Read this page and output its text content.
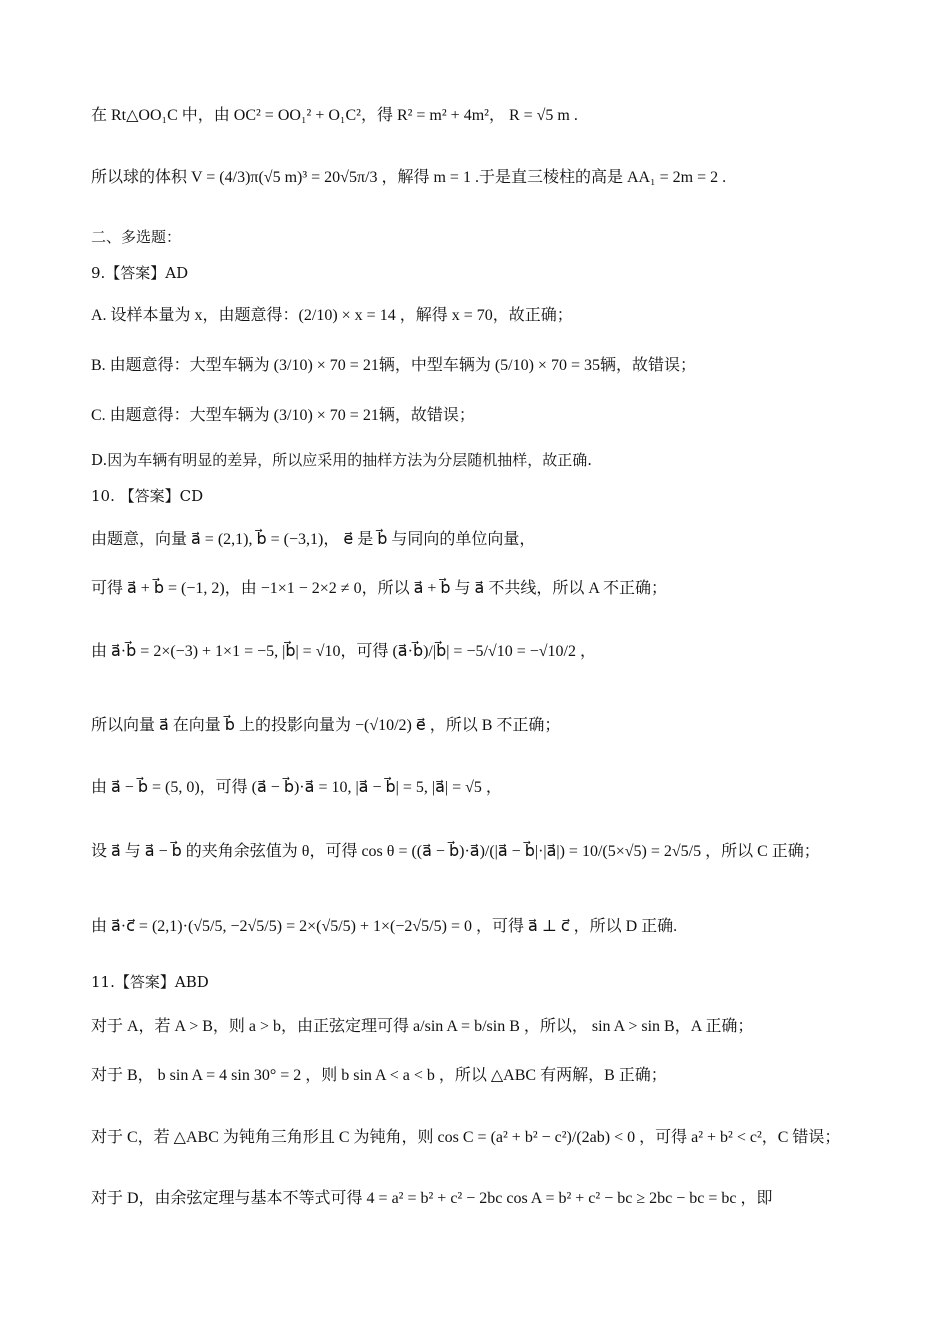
在 Rt△OO₁C 中，由 OC² = OO₁² + O₁C²，得 R² = m² + 4m²， R = √5 m .
所以球的体积 V = (4/3)π(√5 m)³ = 20√5π/3 ，解得 m = 1 .于是直三棱柱的高是 AA₁ = 2m = 2 .
二、多选题：
9.【答案】AD
A. 设样本量为 x，由题意得：(2/10) × x = 14 ，解得 x = 70，故正确；
B. 由题意得：大型车辆为 (3/10) × 70 = 21辆，中型车辆为 (5/10) × 70 = 35辆，故错误；
C. 由题意得：大型车辆为 (3/10) × 70 = 21辆，故错误；
D.因为车辆有明显的差异，所以应采用的抽样方法为分层随机抽样，故正确.
10. 【答案】CD
由题意，向量 a⃗ = (2,1), b⃗ = (−3,1)， e⃗ 是 b⃗ 与同向的单位向量，
可得 a⃗ + b⃗ = (−1, 2)，由 −1×1 − 2×2 ≠ 0，所以 a⃗ + b⃗ 与 a⃗ 不共线，所以 A 不正确；
由 a⃗·b⃗ = 2×(−3) + 1×1 = −5, |b⃗| = √10，可得 (a⃗·b⃗)/|b⃗| = −5/√10 = −√10/2 ，
所以向量 a⃗ 在向量 b⃗ 上的投影向量为 −(√10/2) e⃗ ，所以 B 不正确；
由 a⃗ − b⃗ = (5, 0)，可得 (a⃗ − b⃗)·a⃗ = 10, |a⃗ − b⃗| = 5, |a⃗| = √5 ，
设 a⃗ 与 a⃗ − b⃗ 的夹角余弦值为 θ，可得 cos θ = ((a⃗ − b⃗)·a⃗)/(|a⃗ − b⃗|·|a⃗|) = 10/(5×√5) = 2√5/5 ，所以 C 正确；
由 a⃗·c⃗ = (2,1)·(√5/5, −2√5/5) = 2×(√5/5) + 1×(−2√5/5) = 0 ，可得 a⃗ ⊥ c⃗ ，所以 D 正确.
11.【答案】ABD
对于 A，若 A > B，则 a > b，由正弦定理可得 a/sin A = b/sin B ，所以， sin A > sin B，A 正确；
对于 B， b sin A = 4 sin 30° = 2 ，则 b sin A < a < b ，所以 △ABC 有两解，B 正确；
对于 C，若 △ABC 为钝角三角形且 C 为钝角，则 cos C = (a² + b² − c²)/(2ab) < 0 ，可得 a² + b² < c²，C 错误；
对于 D，由余弦定理与基本不等式可得 4 = a² = b² + c² − 2bc cos A = b² + c² − bc ≥ 2bc − bc = bc ，即
